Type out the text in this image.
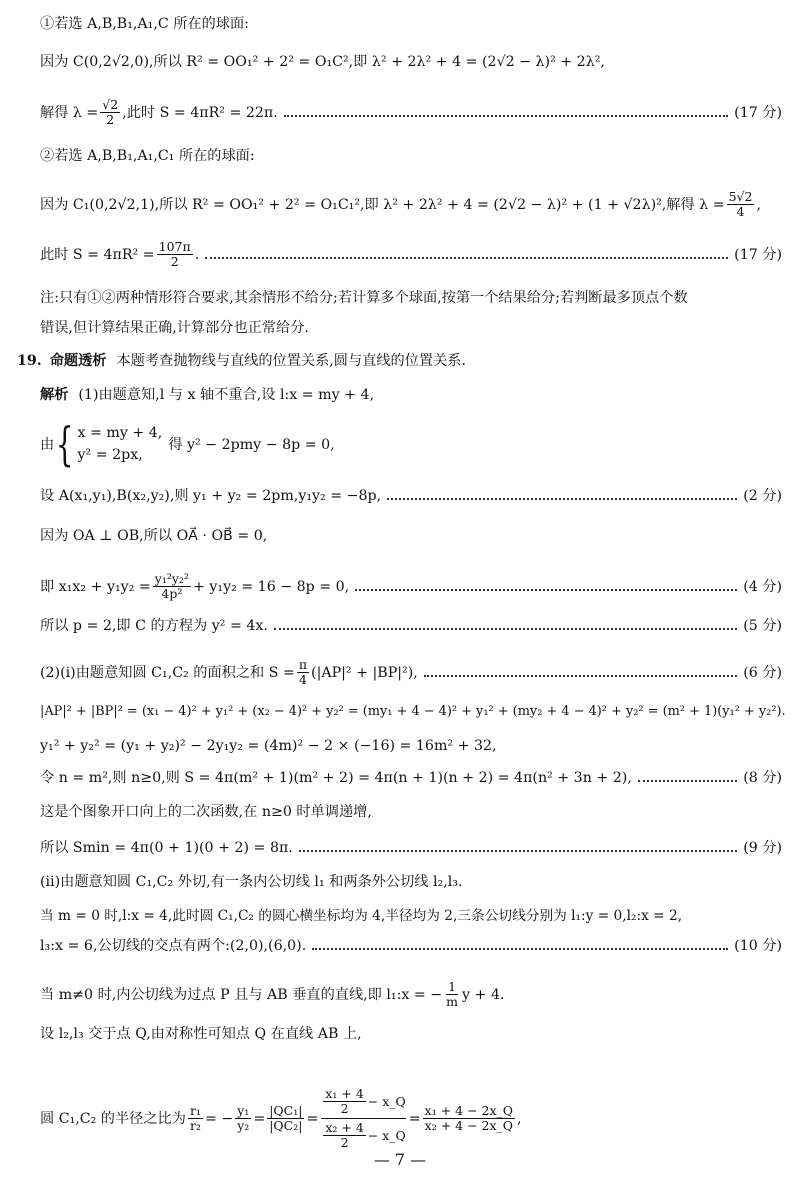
①若选 A,B,B₁,A₁,C 所在的球面:
因为 C(0,2√2,0),所以 R² = OO₁² + 2² = O₁C²,即 λ² + 2λ² + 4 = (2√2 − λ)² + 2λ²,
解得 $\lambda = \frac{√2}{2}$ ,此时 S = 4πR² = 22π.	(17 分)
②若选 A,B,B₁,A₁,C₁ 所在的球面:
因为 C₁(0,2√2,1),所以 R² = OO₁² + 2² = O₁C₁²,即 λ² + 2λ² + 4 = (2√2 − λ)² + (1 + √2λ)²,解得 $\lambda = \frac{5√2}{4}$ ,
此时 $S = 4\pi R^2 = \frac{107\pi}{2}$ .	(17 分)
注:只有①②两种情形符合要求,其余情形不给分;若计算多个球面,按第一个结果给分;若判断最多顶点个数
错误,但计算结果正确,计算部分也正常给分.
19. 命题透析 本题考查抛物线与直线的位置关系,圆与直线的位置关系.
解析 (1)由题意知,l 与 x 轴不重合,设 l:x = my + 4,
由 { x = my + 4,
y² = 2px,
得 y² − 2pmy − 8p = 0,
设 A(x₁,y₁),B(x₂,y₂),则 y₁ + y₂ = 2pm,y₁y₂ = −8p,	(2 分)
因为 OA ⊥ OB,所以 OA⃗ · OB⃗ = 0,
即 $x_1x_2 + y_1y_2 = \frac{\text{y₁²y₂²}}{\text{4p²}} + y_1y_2 = 16 - 8p = 0$,	(4 分)
所以 p = 2,即 C 的方程为 y² = 4x.	(5 分)
(2)(ⅰ)由题意知圆 C₁,C₂ 的面积之和 $S = \frac{\pi}{4} (|AP|^2 + |BP|^2)$,	(6 分)
|AP|² + |BP|² = (x₁ − 4)² + y₁² + (x₂ − 4)² + y₂² = (my₁ + 4 − 4)² + y₁² + (my₂ + 4 − 4)² + y₂² = (m² + 1)(y₁² + y₂²).
y₁² + y₂² = (y₁ + y₂)² − 2y₁y₂ = (4m)² − 2 × (−16) = 16m² + 32,
令 n = m²,则 n≥0,则 S = 4π(m² + 1)(m² + 2) = 4π(n + 1)(n + 2) = 4π(n² + 3n + 2),	(8 分)
这是个图象开口向上的二次函数,在 n≥0 时单调递增,
所以 Smin = 4π(0 + 1)(0 + 2) = 8π.	(9 分)
(ⅱ)由题意知圆 C₁,C₂ 外切,有一条内公切线 l₁ 和两条外公切线 l₂,l₃.
当 m = 0 时,l:x = 4,此时圆 C₁,C₂ 的圆心横坐标均为 4,半径均为 2,三条公切线分别为 l₁:y = 0,l₂:x = 2,
l₃:x = 6,公切线的交点有两个:(2,0),(6,0).	(10 分)
当 m≠0 时,内公切线为过点 P 且与 AB 垂直的直线,即 l₁:x = − $\frac{1}{m}$ y + 4.
设 l₂,l₃ 交于点 Q,由对称性可知点 Q 在直线 AB 上,
圆 C₁,C₂ 的半径之比为 $\frac{\text{r₁}}{\text{r₂}}$ = − $\frac{\text{y₁}}{\text{y₂}} = \frac{\text{|QC₁|}}{\text{|QC₂|}}$ =
$\frac{\text{x₁ + 4}}{2}$ − x_Q
$\frac{\text{x₂ + 4}}{2}$ − x_Q
= $\frac{\text{x₁ + 4 − 2x\_Q}}{\text{x₂ + 4 − 2x\_Q}}$ ,
— 7 —
